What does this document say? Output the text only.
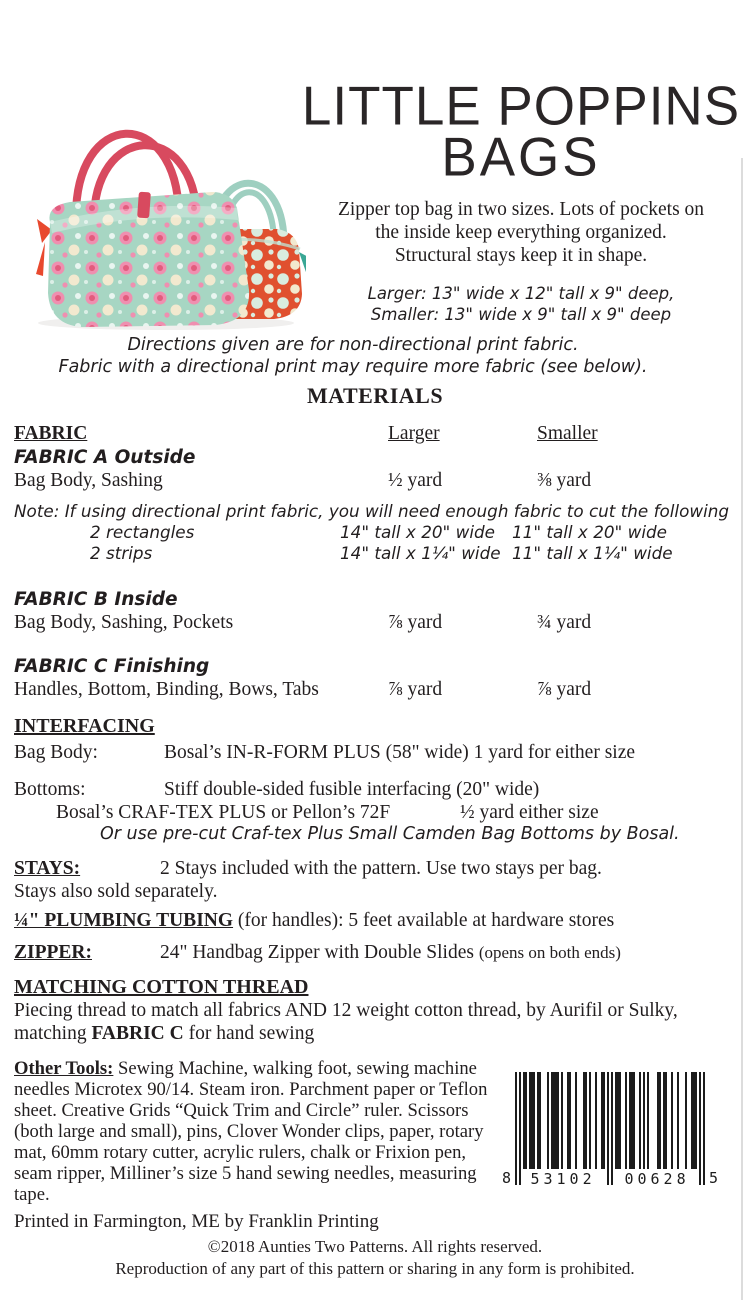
LITTLE POPPINS
BAGS
Zipper top bag in two sizes. Lots of pockets on
the inside keep everything organized.
Structural stays keep it in shape.
Larger: 13" wide x 12" tall x 9" deep,
Smaller: 13" wide x 9" tall x 9" deep
Directions given are for non-directional print fabric.
Fabric with a directional print may require more fabric (see below).
MATERIALS
FABRIC	Larger	Smaller
FABRIC A Outside
Bag Body, Sashing	½ yard	⅜ yard
Note: If using directional print fabric, you will need enough fabric to cut the following
2 rectangles	14" tall x 20" wide	11" tall x 20" wide
2 strips	14" tall x 1¼" wide 11" tall x 1¼" wide
FABRIC B Inside
Bag Body, Sashing, Pockets	⅞ yard	¾ yard
FABRIC C Finishing
Handles, Bottom, Binding, Bows, Tabs	⅞ yard	⅞ yard
INTERFACING
Bag Body:	Bosal’s IN-R-FORM PLUS (58" wide) 1 yard for either size
Bottoms:	Stiff double-sided fusible interfacing (20" wide)
Bosal’s CRAF-TEX PLUS or Pellon’s 72F	½ yard either size
Or use pre-cut Craf-tex Plus Small Camden Bag Bottoms by Bosal.
STAYS:	2 Stays included with the pattern. Use two stays per bag.
Stays also sold separately.
¼" PLUMBING TUBING (for handles): 5 feet available at hardware stores
ZIPPER:	24" Handbag Zipper with Double Slides (opens on both ends)
MATCHING COTTON THREAD
Piecing thread to match all fabrics AND 12 weight cotton thread, by Aurifil or Sulky, matching FABRIC C for hand sewing
Other Tools: Sewing Machine, walking foot, sewing machine needles Microtex 90/14. Steam iron. Parchment paper or Teflon sheet. Creative Grids “Quick Trim and Circle” ruler. Scissors (both large and small), pins, Clover Wonder clips, paper, rotary mat, 60mm rotary cutter, acrylic rulers, chalk or Frixion pen, seam ripper, Milliner’s size 5 hand sewing needles, measuring tape.
Printed in Farmington, ME by Franklin Printing
©2018 Aunties Two Patterns. All rights reserved.
Reproduction of any part of this pattern or sharing in any form is prohibited.
8	53102	00628	5
